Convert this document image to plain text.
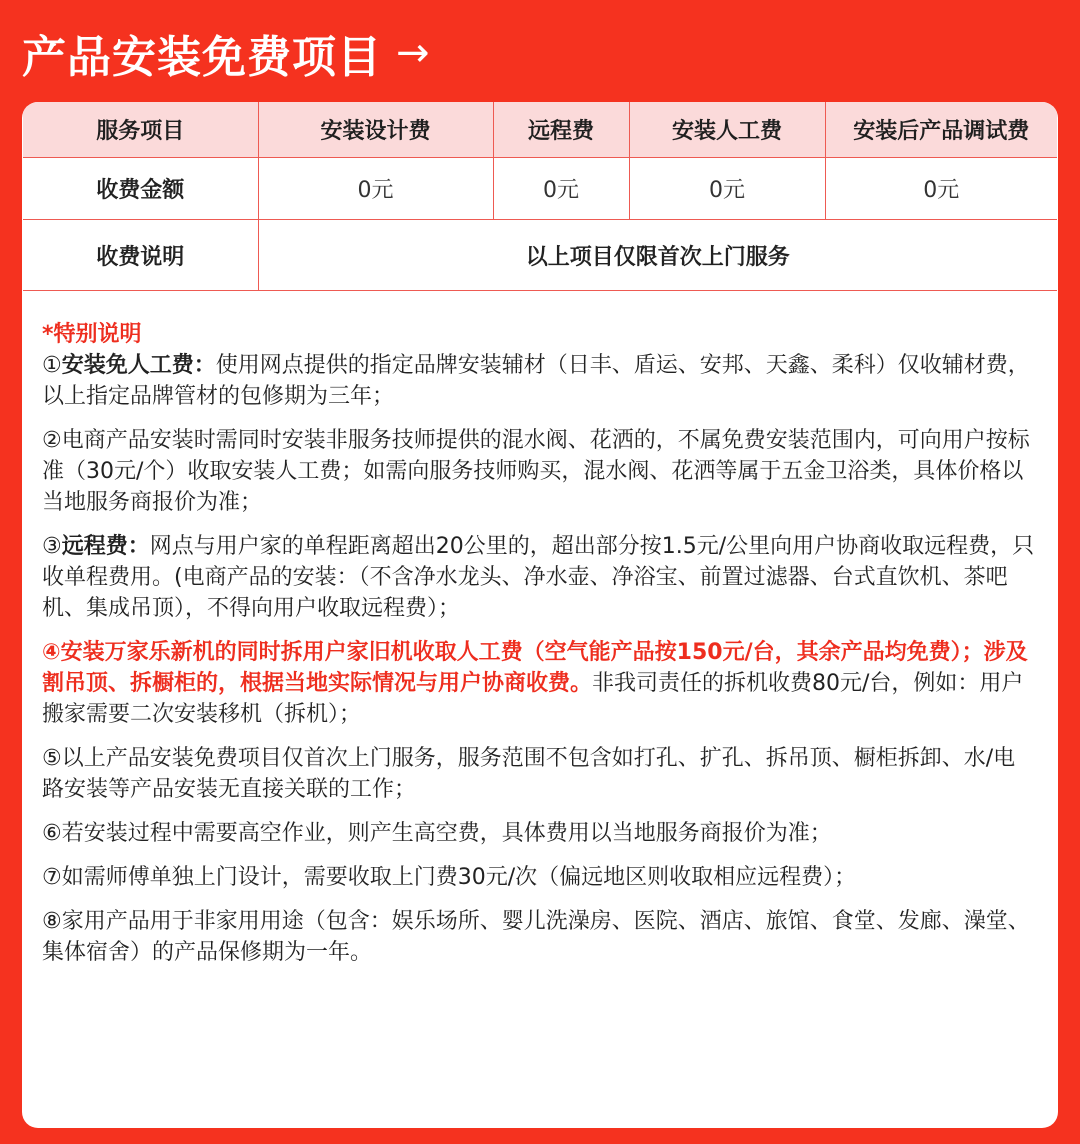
产品安装免费项目 →
服务项目	安装设计费	远程费	安装人工费	安装后产品调试费
收费金额	0元	0元	0元	0元
收费说明	以上项目仅限首次上门服务			
*特别说明

①安装免人工费：使用网点提供的指定品牌安装辅材（日丰、盾运、安邦、天鑫、柔科）仅收辅材费，以上指定品牌管材的包修期为三年；

②电商产品安装时需同时安装非服务技师提供的混水阀、花洒的，不属免费安装范围内，可向用户按标准（30元/个）收取安装人工费；如需向服务技师购买，混水阀、花洒等属于五金卫浴类，具体价格以当地服务商报价为准；

③远程费：网点与用户家的单程距离超出20公里的，超出部分按1.5元/公里向用户协商收取远程费，只收单程费用。(电商产品的安装：（不含净水龙头、净水壶、净浴宝、前置过滤器、台式直饮机、茶吧机、集成吊顶），不得向用户收取远程费）；

④安装万家乐新机的同时拆用户家旧机收取人工费（空气能产品按150元/台，其余产品均免费）；涉及割吊顶、拆橱柜的，根据当地实际情况与用户协商收费。非我司责任的拆机收费80元/台，例如：用户搬家需要二次安装移机（拆机）；

⑤以上产品安装免费项目仅首次上门服务，服务范围不包含如打孔、扩孔、拆吊顶、橱柜拆卸、水/电路安装等产品安装无直接关联的工作；

⑥若安装过程中需要高空作业，则产生高空费，具体费用以当地服务商报价为准；

⑦如需师傅单独上门设计，需要收取上门费30元/次（偏远地区则收取相应远程费）；

⑧家用产品用于非家用用途（包含：娱乐场所、婴儿洗澡房、医院、酒店、旅馆、食堂、发廊、澡堂、集体宿舍）的产品保修期为一年。
